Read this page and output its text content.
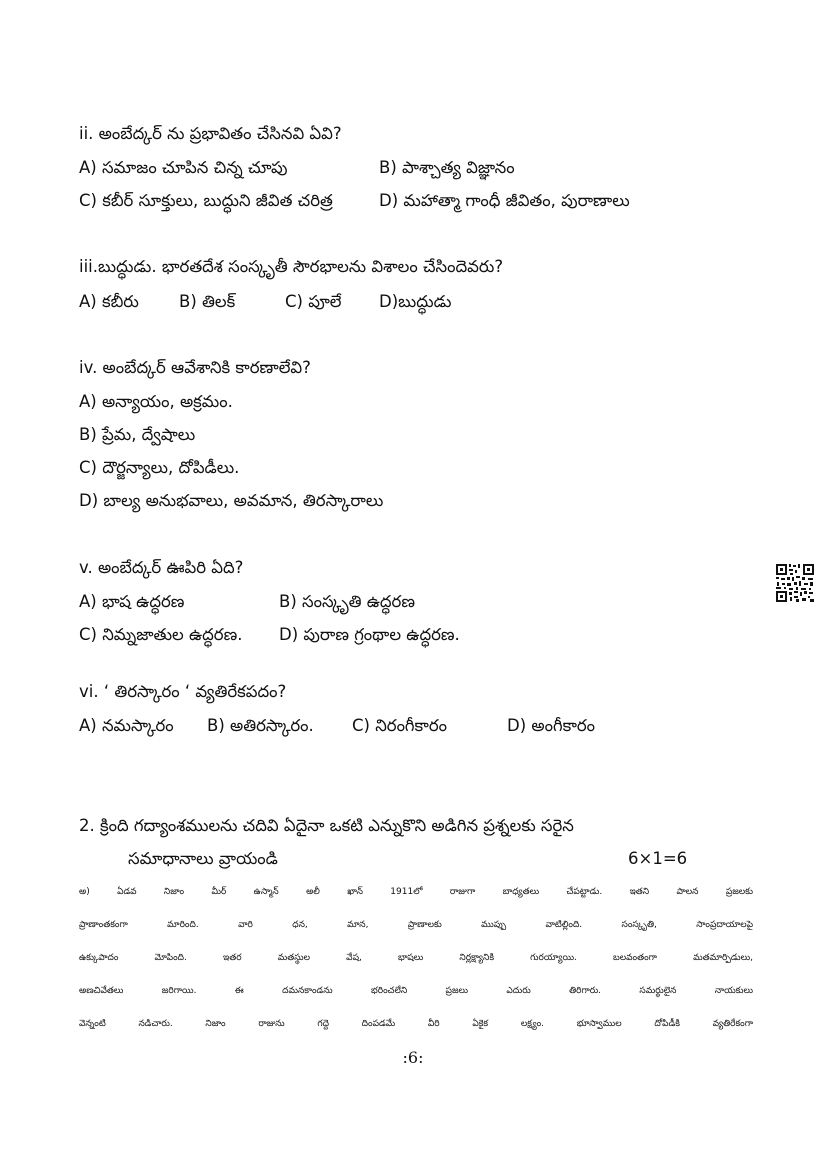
ii. అంబేద్కర్ ను ప్రభావితం చేసినవి ఏవి?
A) సమాజం చూపిన చిన్న చూపు	B) పాశ్చాత్య విజ్ఞానం
C) కబీర్ సూక్తులు, బుద్ధుని జీవిత చరిత్ర	D) మహాత్మా గాంధీ జీవితం, పురాణాలు
iii.బుద్ధుడు. భారతదేశ సంస్కృతీ సౌరభాలను విశాలం చేసిందెవరు?
A) కబీరు B) తిలక్	C) పూలే D)బుద్ధుడు
iv. అంబేద్కర్ ఆవేశానికి కారణాలేవి?
A) అన్యాయం, అక్రమం.
B) ప్రేమ, ద్వేషాలు
C) దౌర్జన్యాలు, దోపిడీలు.
D) బాల్య అనుభవాలు, అవమాన, తిరస్కారాలు
v. అంబేద్కర్ ఊపిరి ఏది?
A) భాష ఉద్ధరణ	B) సంస్కృతి ఉద్ధరణ
C) నిమ్నజాతుల ఉద్ధరణ. D) పురాణ గ్రంథాల ఉద్ధరణ.
vi. ‘ తిరస్కారం ‘ వ్యతిరేకపదం?
A) నమస్కారం B) అతిరస్కారం. C) నిరంగీకారం	D) అంగీకారం
2. క్రింది గద్యాంశములను చదివి ఏదైనా ఒకటి ఎన్నుకొని అడిగిన ప్రశ్నలకు సరైన
సమాధానాలు వ్రాయండి	6×1=6
అ) ఏడవ నిజాం మీర్ ఉస్మాన్ అలీ ఖాన్ 1911లో రాజుగా బాధ్యతలు చేపట్టాడు. ఇతని పాలన ప్రజలకు
ప్రాణాంతకంగా మారింది. వారి ధన, మాన, ప్రాణాలకు ముప్పు వాటిల్లింది. సంస్కృతి, సాంప్రదాయాలపై
ఉక్కుపాదం మోపింది. ఇతర మతస్థుల వేష, భాషలు నిర్లక్ష్యానికి గురయ్యాయి. బలవంతంగా మతమార్పిడులు,
అణచివేతలు జరిగాయి. ఈ దమనకాండను భరించలేని ప్రజలు ఎదురు తిరిగారు. సమర్థులైన నాయకులు
వెన్నంటి నడిచారు. నిజాం రాజును గద్దె దింపడమే వీరి ఏకైక లక్ష్యం. భూస్వాముల దోపిడీకి వ్యతిరేకంగా
:6:
